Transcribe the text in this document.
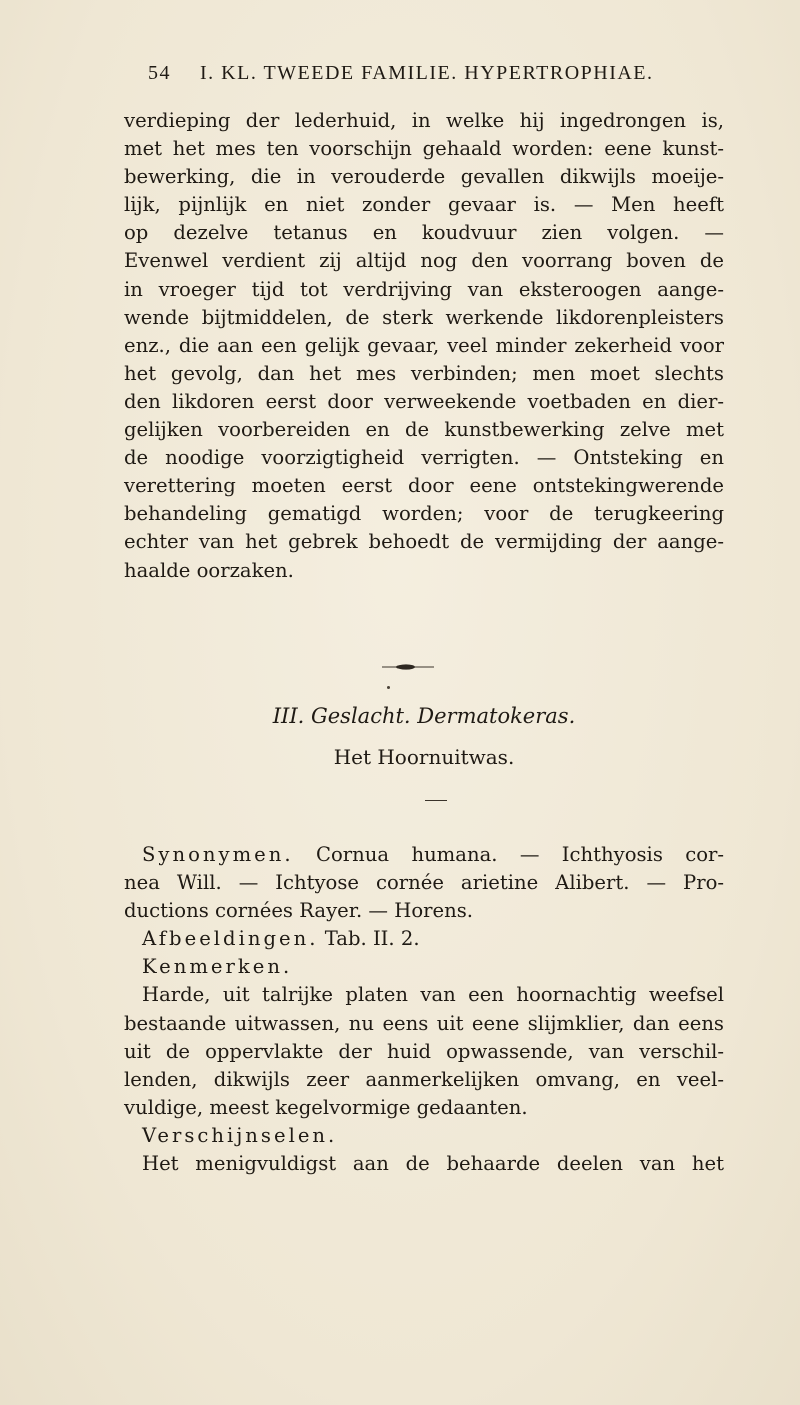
54 I. KL. TWEEDE FAMILIE. HYPERTROPHIAE.
verdieping der lederhuid, in welke hij ingedrongen is,
met het mes ten voorschijn gehaald worden: eene kunst-
bewerking, die in verouderde gevallen dikwijls moeije-
lijk, pijnlijk en niet zonder gevaar is. — Men heeft
op dezelve tetanus en koudvuur zien volgen. —
Evenwel verdient zij altijd nog den voorrang boven de
in vroeger tijd tot verdrijving van eksteroogen aange-
wende bijtmiddelen, de sterk werkende likdorenpleisters
enz., die aan een gelijk gevaar, veel minder zekerheid voor
het gevolg, dan het mes verbinden; men moet slechts
den likdoren eerst door verweekende voetbaden en dier-
gelijken voorbereiden en de kunstbewerking zelve met
de noodige voorzigtigheid verrigten. — Ontsteking en
verettering moeten eerst door eene ontstekingwerende
behandeling gematigd worden; voor de terugkeering
echter van het gebrek behoedt de vermijding der aange-
haalde oorzaken.
III. Geslacht. Dermatokeras.
Het Hoornuitwas.
Synonymen. Cornua humana. — Ichthyosis cor-
nea Will. — Ichtyose cornée arietine Alibert. — Pro-
ductions cornées Rayer. — Horens.
Afbeeldingen. Tab. II. 2.
Kenmerken.
Harde, uit talrijke platen van een hoornachtig weefsel
bestaande uitwassen, nu eens uit eene slijmklier, dan eens
uit de oppervlakte der huid opwassende, van verschil-
lenden, dikwijls zeer aanmerkelijken omvang, en veel-
vuldige, meest kegelvormige gedaanten.
Verschijnselen.
Het menigvuldigst aan de behaarde deelen van het
